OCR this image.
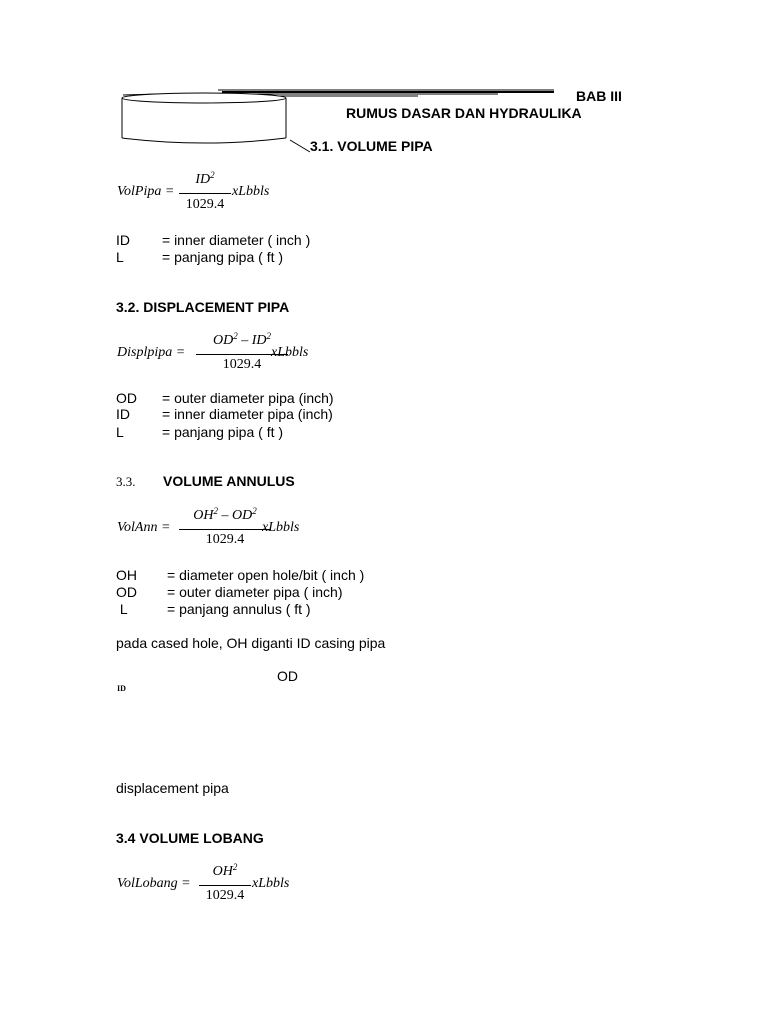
BAB III
RUMUS DASAR DAN HYDRAULIKA
3.1. VOLUME PIPA
VolPipa =
$ID^2$
1029.4
xLbbls
ID = inner diameter ( inch )
L	= panjang pipa ( ft )
3.2. DISPLACEMENT PIPA
Displpipa =
$OD^2 - ID^2$
1029.4
xLbbls
OD = outer diameter pipa (inch)
ID = inner diameter pipa (inch)
L	= panjang pipa ( ft )
3.3. VOLUME ANNULUS
VolAnn =
$OH^2 - OD^2$
1029.4
xLbbls
OH = diameter open hole/bit ( inch )
OD = outer diameter pipa ( inch)
L	= panjang annulus ( ft )
pada cased hole, OH diganti ID casing pipa
OD
ID
displacement pipa
3.4 VOLUME LOBANG
VolLobang =
$OH^2$
1029.4
xLbbls
